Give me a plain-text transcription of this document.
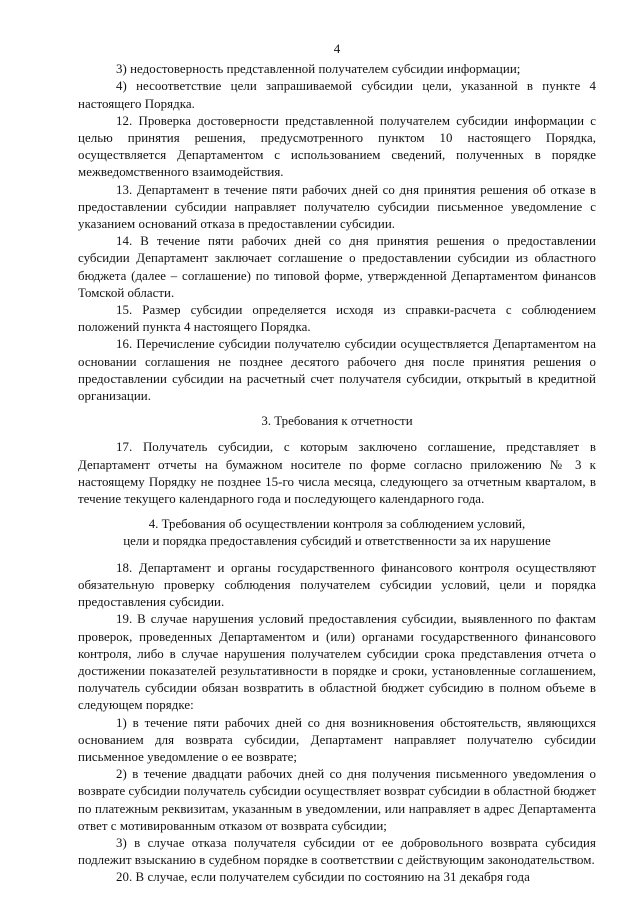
4

3) недостоверность представленной получателем субсидии информации;

4) несоответствие цели запрашиваемой субсидии цели, указанной в пункте 4 настоящего Порядка.

12. Проверка достоверности представленной получателем субсидии информации с целью принятия решения, предусмотренного пунктом 10 настоящего Порядка, осуществляется Департаментом с использованием сведений, полученных в порядке межведомственного взаимодействия.

13. Департамент в течение пяти рабочих дней со дня принятия решения об отказе в предоставлении субсидии направляет получателю субсидии письменное уведомление с указанием оснований отказа в предоставлении субсидии.

14. В течение пяти рабочих дней со дня принятия решения о предоставлении субсидии Департамент заключает соглашение о предоставлении субсидии из областного бюджета (далее – соглашение) по типовой форме, утвержденной Департаментом финансов Томской области.

15. Размер субсидии определяется исходя из справки-расчета с соблюдением положений пункта 4 настоящего Порядка.

16. Перечисление субсидии получателю субсидии осуществляется Департаментом на основании соглашения не позднее десятого рабочего дня после принятия решения о предоставлении субсидии на расчетный счет получателя субсидии, открытый в кредитной организации.

3. Требования к отчетности

17. Получатель субсидии, с которым заключено соглашение, представляет в Департамент отчеты на бумажном носителе по форме согласно приложению № 3 к настоящему Порядку не позднее 15-го числа месяца, следующего за отчетным кварталом, в течение текущего календарного года и последующего календарного года.

4. Требования об осуществлении контроля за соблюдением условий,
цели и порядка предоставления субсидий и ответственности за их нарушение

18. Департамент и органы государственного финансового контроля осуществляют обязательную проверку соблюдения получателем субсидии условий, цели и порядка предоставления субсидии.

19. В случае нарушения условий предоставления субсидии, выявленного по фактам проверок, проведенных Департаментом и (или) органами государственного финансового контроля, либо в случае нарушения получателем субсидии срока представления отчета о достижении показателей результативности в порядке и сроки, установленные соглашением, получатель субсидии обязан возвратить в областной бюджет субсидию в полном объеме в следующем порядке:

1) в течение пяти рабочих дней со дня возникновения обстоятельств, являющихся основанием для возврата субсидии, Департамент направляет получателю субсидии письменное уведомление о ее возврате;

2) в течение двадцати рабочих дней со дня получения письменного уведомления о возврате субсидии получатель субсидии осуществляет возврат субсидии в областной бюджет по платежным реквизитам, указанным в уведомлении, или направляет в адрес Департамента ответ с мотивированным отказом от возврата субсидии;

3) в случае отказа получателя субсидии от ее добровольного возврата субсидия подлежит взысканию в судебном порядке в соответствии с действующим законодательством.

20. В случае, если получателем субсидии по состоянию на 31 декабря года
